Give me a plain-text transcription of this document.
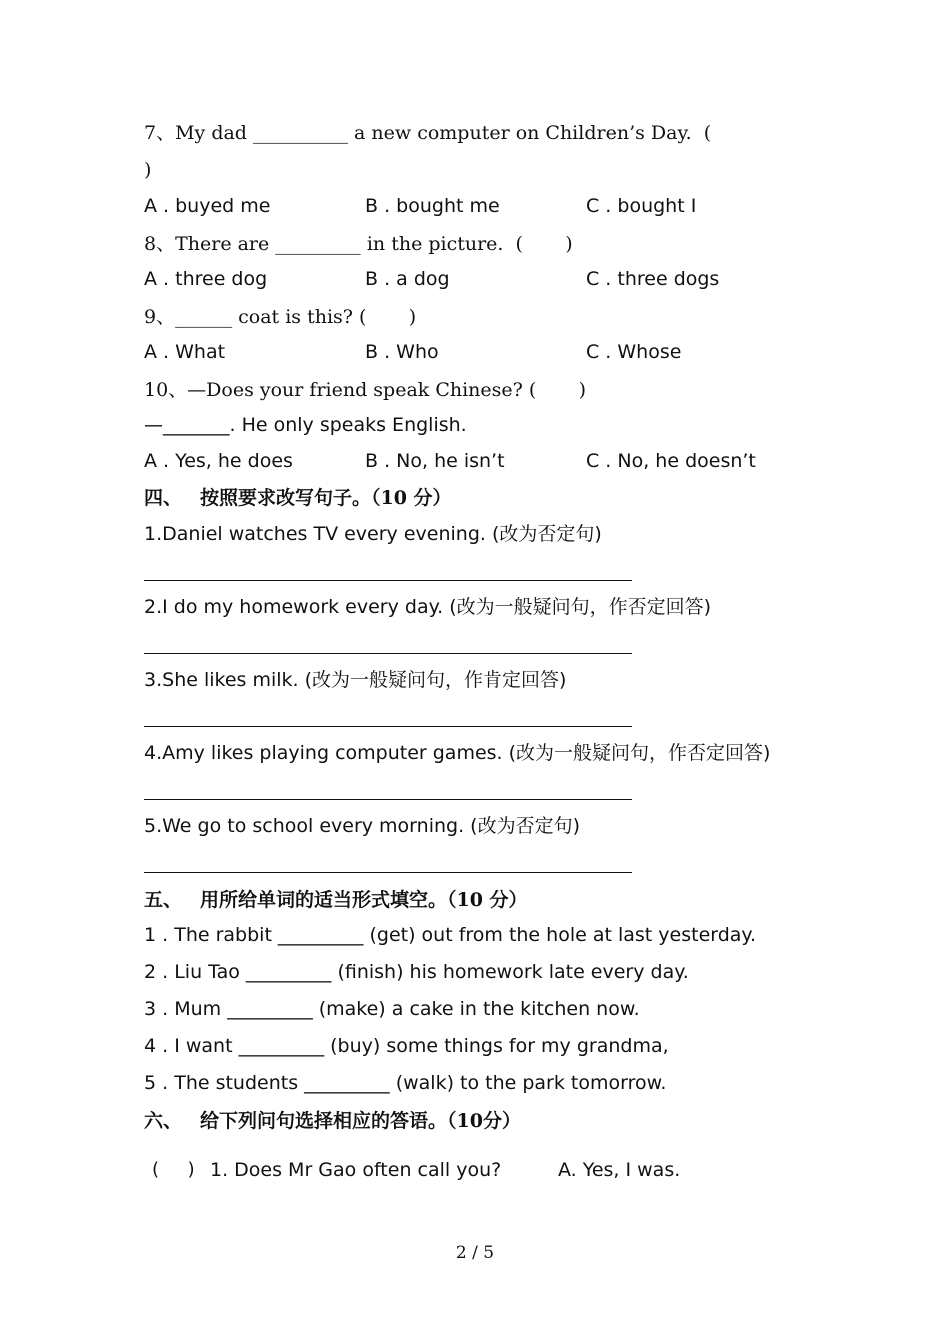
7、My dad __________ a new computer on Children’s Day.  (
)
A . buyed me	B . bought me	C . bought I
8、There are _________ in the picture.  (       )
A . three dog	B . a dog	C . three dogs
9、______ coat is this? (       )
A . What	B . Who	C . Whose
10、—Does your friend speak Chinese? (       )
—_______. He only speaks English.
A . Yes, he does	B . No, he isn’t	C . No, he doesn’t
四、 按照要求改写句子。（10 分）
1.Daniel watches TV every evening. (改为否定句)
2.I do my homework every day. (改为一般疑问句，作否定回答)
3.She likes milk. (改为一般疑问句，作肯定回答)
4.Amy likes playing computer games. (改为一般疑问句，作否定回答)
5.We go to school every morning. (改为否定句)
五、 用所给单词的适当形式填空。（10 分）
1 . The rabbit _________ (get) out from the hole at last yesterday.
2 . Liu Tao _________ (finish) his homework late every day.
3 . Mum _________ (make) a cake in the kitchen now.
4 . I want _________ (buy) some things for my grandma,
5 . The students _________ (walk) to the park tomorrow.
六、 给下列问句选择相应的答语。（10分）
(     ) 1. Does Mr Gao often call you?	A. Yes, I was.
2 / 5
